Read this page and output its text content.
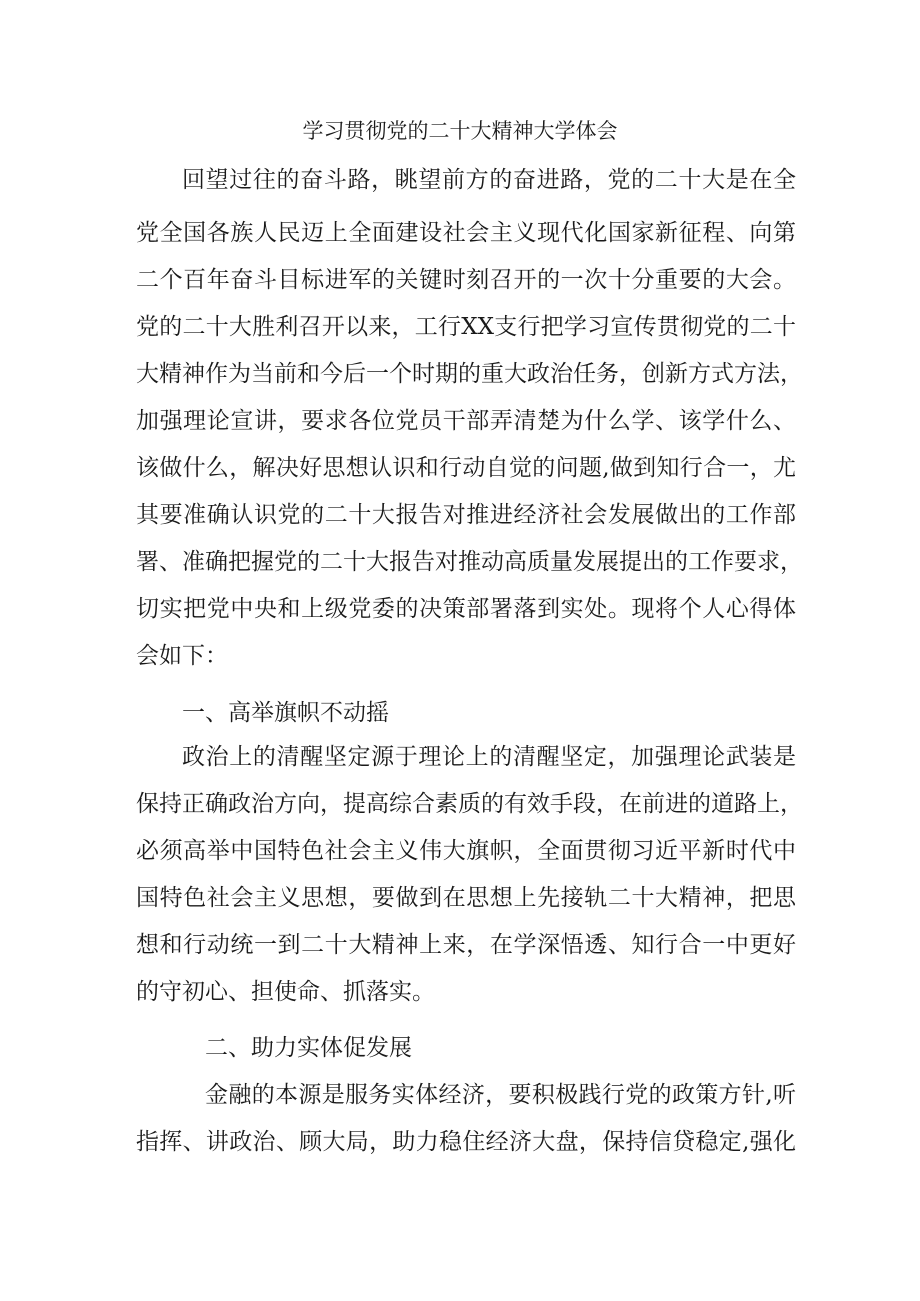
学习贯彻党的二十大精神大学体会
回望过往的奋斗路，眺望前方的奋进路，党的二十大是在全
党全国各族人民迈上全面建设社会主义现代化国家新征程、向第
二个百年奋斗目标进军的关键时刻召开的一次十分重要的大会。
党的二十大胜利召开以来，工行XX支行把学习宣传贯彻党的二十
大精神作为当前和今后一个时期的重大政治任务，创新方式方法，
加强理论宣讲，要求各位党员干部弄清楚为什么学、该学什么、
该做什么，解决好思想认识和行动自觉的问题,做到知行合一，尤
其要准确认识党的二十大报告对推进经济社会发展做出的工作部
署、准确把握党的二十大报告对推动高质量发展提出的工作要求，
切实把党中央和上级党委的决策部署落到实处。现将个人心得体
会如下：
一、高举旗帜不动摇
政治上的清醒坚定源于理论上的清醒坚定，加强理论武装是
保持正确政治方向，提高综合素质的有效手段，在前进的道路上，
必须高举中国特色社会主义伟大旗帜，全面贯彻习近平新时代中
国特色社会主义思想，要做到在思想上先接轨二十大精神，把思
想和行动统一到二十大精神上来，在学深悟透、知行合一中更好
的守初心、担使命、抓落实。
二、助力实体促发展
金融的本源是服务实体经济，要积极践行党的政策方针,听
指挥、讲政治、顾大局，助力稳住经济大盘，保持信贷稳定,强化
